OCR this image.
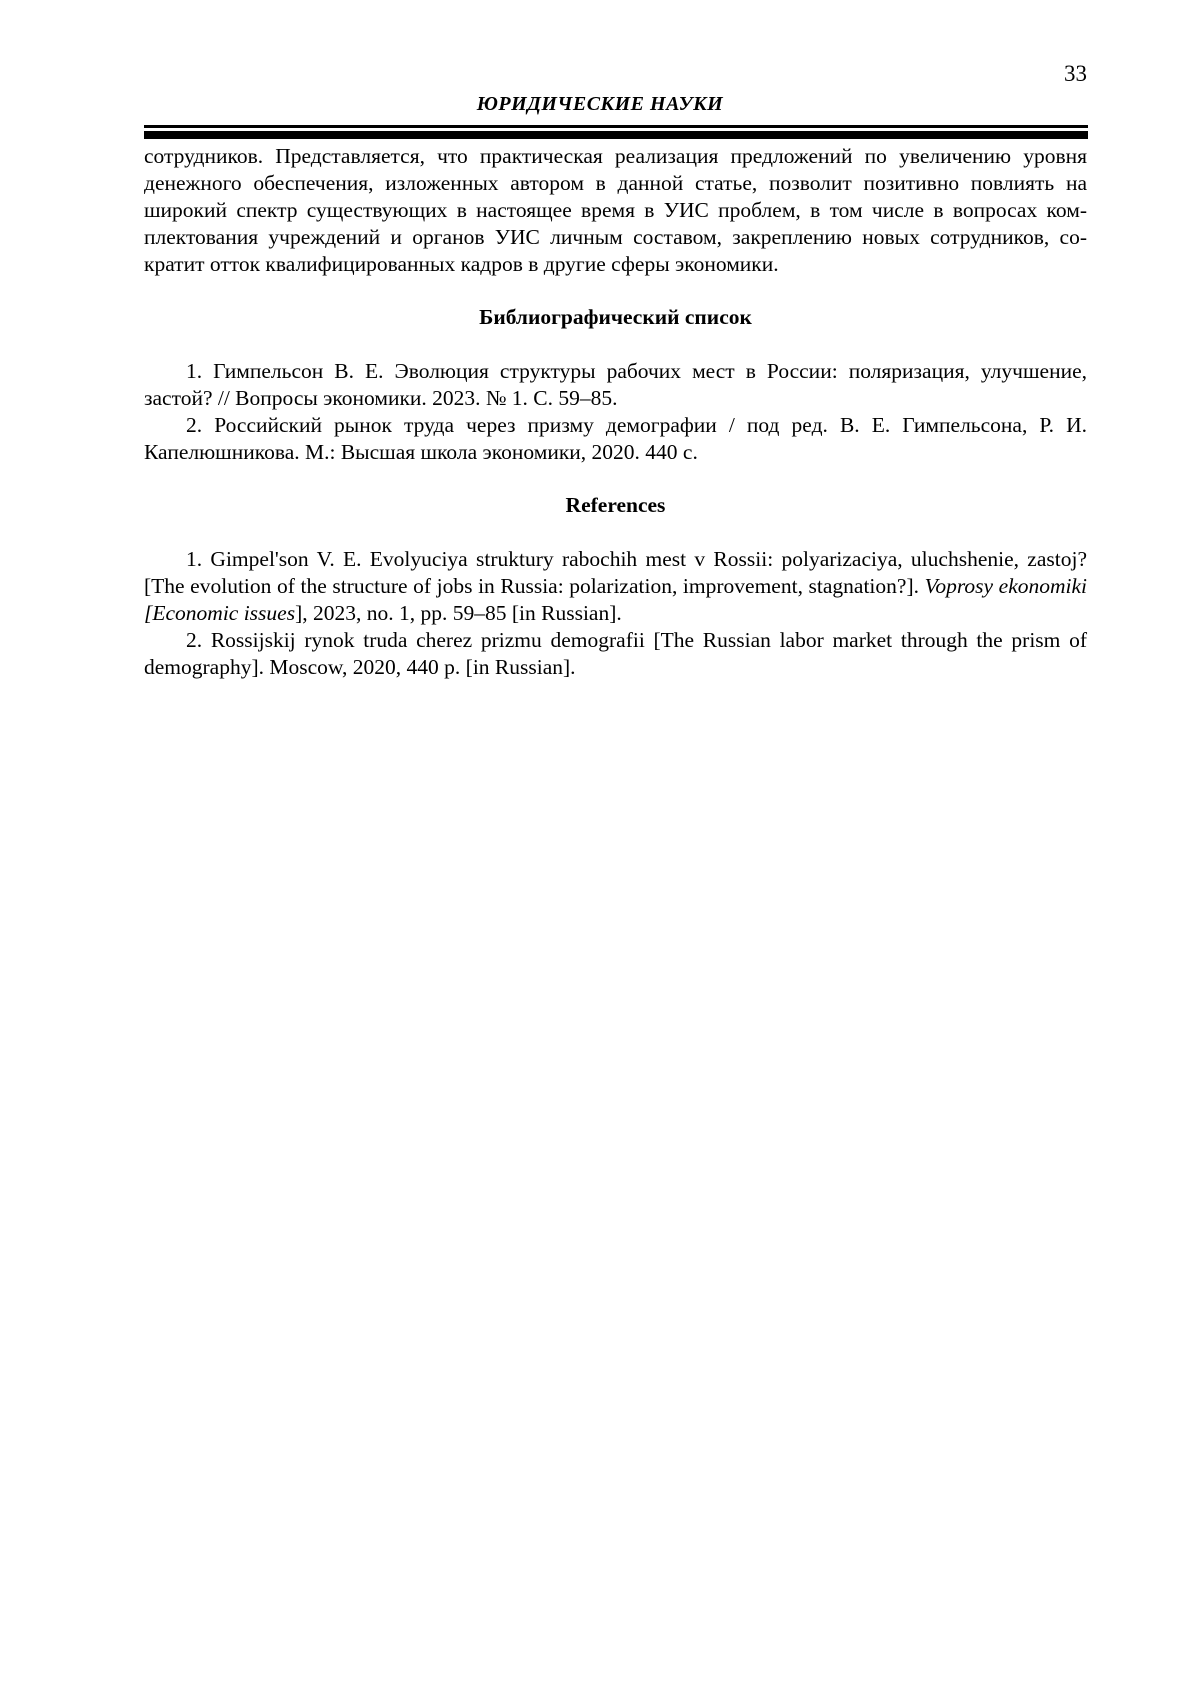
33
ЮРИДИЧЕСКИЕ НАУКИ

сотрудников. Представляется, что практическая реализация предложений по увеличению уровня денежного обеспечения, изложенных автором в данной статье, позволит позитивно повлиять на широкий спектр существующих в настоящее время в УИС проблем, в том числе в вопросах комплектования учреждений и органов УИС личным составом, закреплению новых сотрудников, сократит отток квалифицированных кадров в другие сферы экономики.

Библиографический список

1. Гимпельсон В. Е. Эволюция структуры рабочих мест в России: поляризация, улучшение, застой? // Вопросы экономики. 2023. № 1. С. 59–85.

2. Российский рынок труда через призму демографии / под ред. В. Е. Гимпельсона, Р. И. Капелюшникова. М.: Высшая школа экономики, 2020. 440 с.

References

1. Gimpel'son V. E. Evolyuciya struktury rabochih mest v Rossii: polyarizaciya, uluchshenie, zastoj? [The evolution of the structure of jobs in Russia: polarization, improvement, stagnation?]. Voprosy ekonomiki [Economic issues], 2023, no. 1, pp. 59–85 [in Russian].

2. Rossijskij rynok truda cherez prizmu demografii [The Russian labor market through the prism of demography]. Moscow, 2020, 440 p. [in Russian].
